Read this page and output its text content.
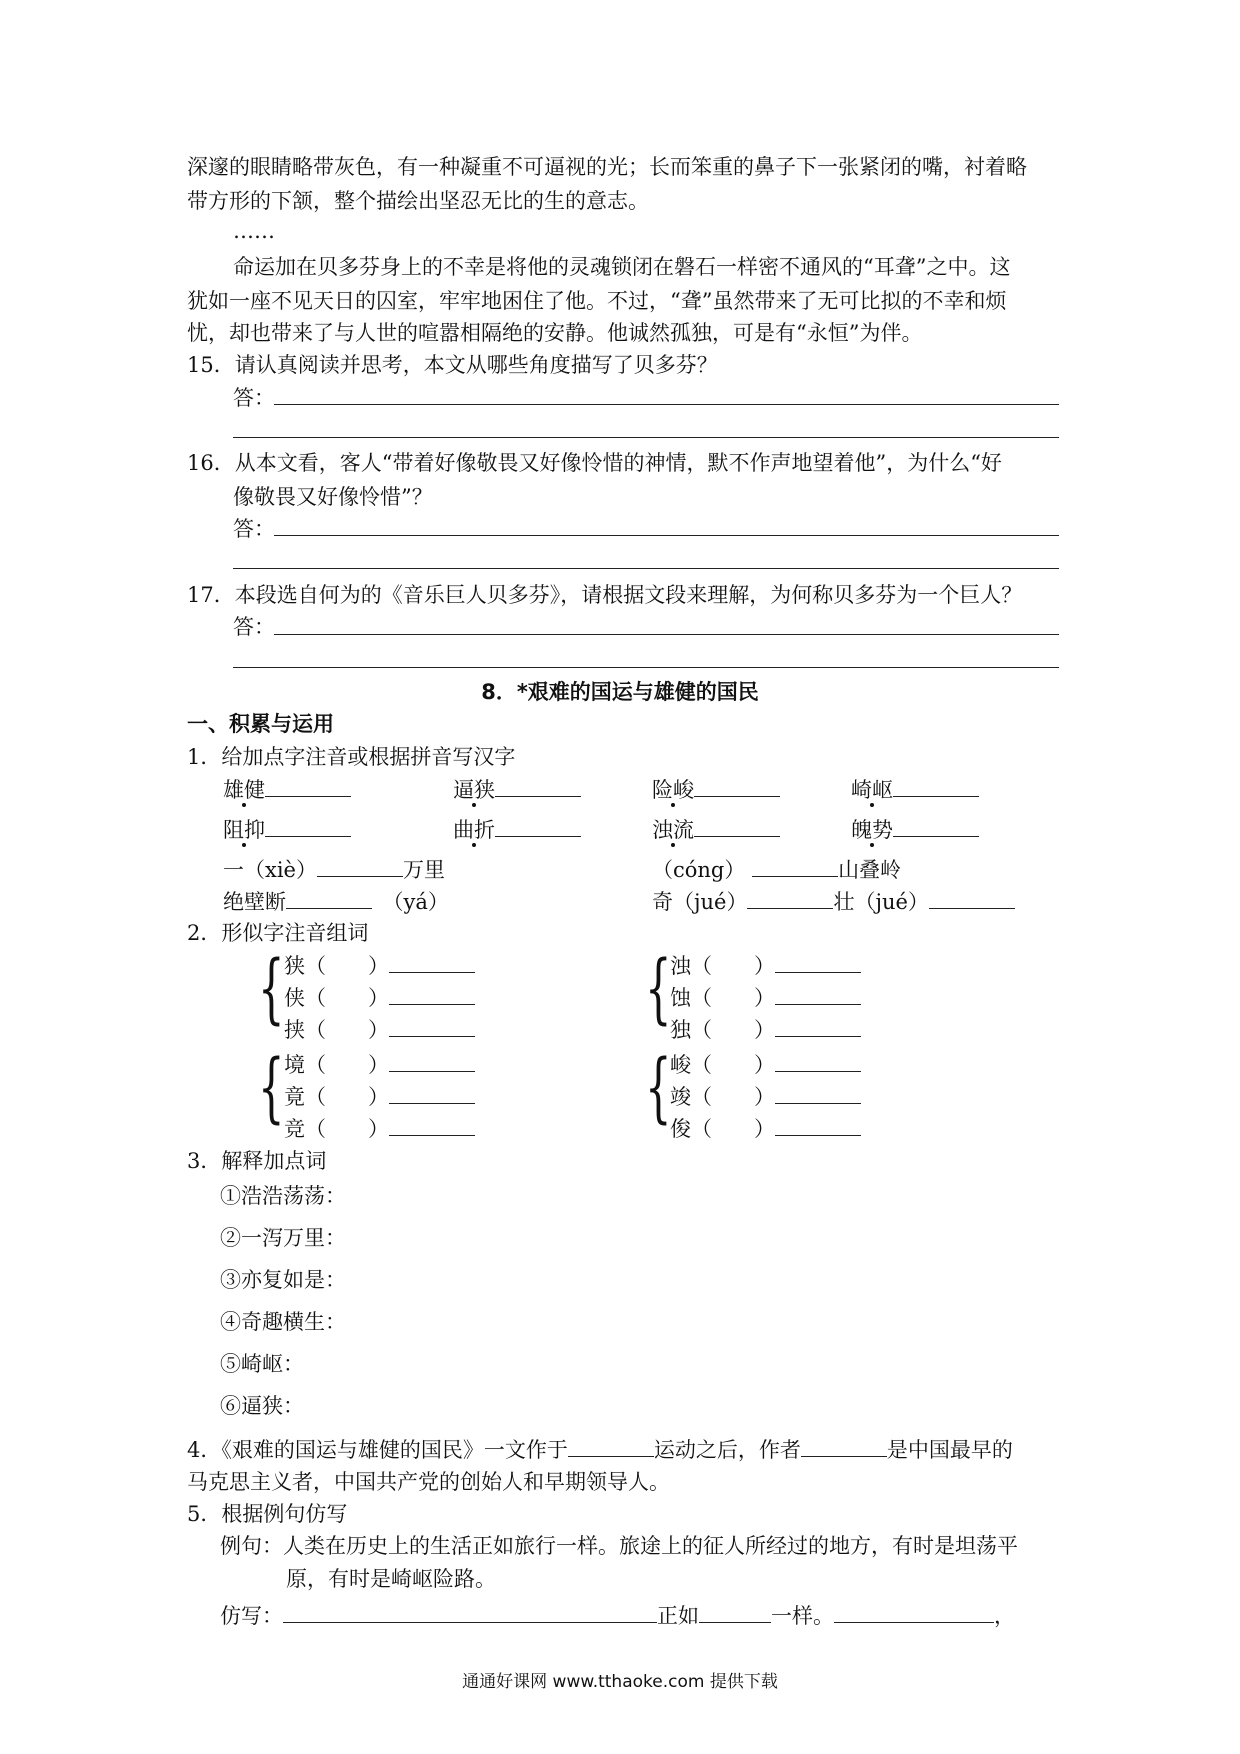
深邃的眼睛略带灰色，有一种凝重不可逼视的光；长而笨重的鼻子下一张紧闭的嘴，衬着略
带方形的下颔，整个描绘出坚忍无比的生的意志。
……
命运加在贝多芬身上的不幸是将他的灵魂锁闭在磐石一样密不通风的“耳聋”之中。这
犹如一座不见天日的囚室，牢牢地困住了他。不过，“聋”虽然带来了无可比拟的不幸和烦
忧，却也带来了与人世的喧嚣相隔绝的安静。他诚然孤独，可是有“永恒”为伴。
15．请认真阅读并思考，本文从哪些角度描写了贝多芬？
答：
16．从本文看，客人“带着好像敬畏又好像怜惜的神情，默不作声地望着他”，为什么“好
像敬畏又好像怜惜”？
答：
17．本段选自何为的《音乐巨人贝多芬》，请根据文段来理解，为何称贝多芬为一个巨人？
答：
8．*艰难的国运与雄健的国民
一、积累与运用
1．给加点字注音或根据拼音写汉字
雄健	逼狭	险峻	崎岖
阻抑	曲折	浊流	魄势
一（xiè）	万里	（cóng）	山叠岭
绝壁断　	（yá）	奇（jué）	壮（jué）
2．形似字注音组词
{ 狭（　　）
侠（　　）
挟（　　）	{
浊（　　）
蚀（　　）
独（　　）
{ 境（　　）
竟（　　）
竞（　　）	{
峻（　　）
竣（　　）
俊（　　）
3．解释加点词
①浩浩荡荡：
②一泻万里：
③亦复如是：
④奇趣横生：
⑤崎岖：
⑥逼狭：
4．《艰难的国运与雄健的国民》一文作于	运动之后，作者	是中国最早的
马克思主义者，中国共产党的创始人和早期领导人。
5．根据例句仿写
例句：人类在历史上的生活正如旅行一样。旅途上的征人所经过的地方，有时是坦荡平
原，有时是崎岖险路。
仿写：	正如	一样。	，
通通好课网 www.tthaoke.com 提供下载
